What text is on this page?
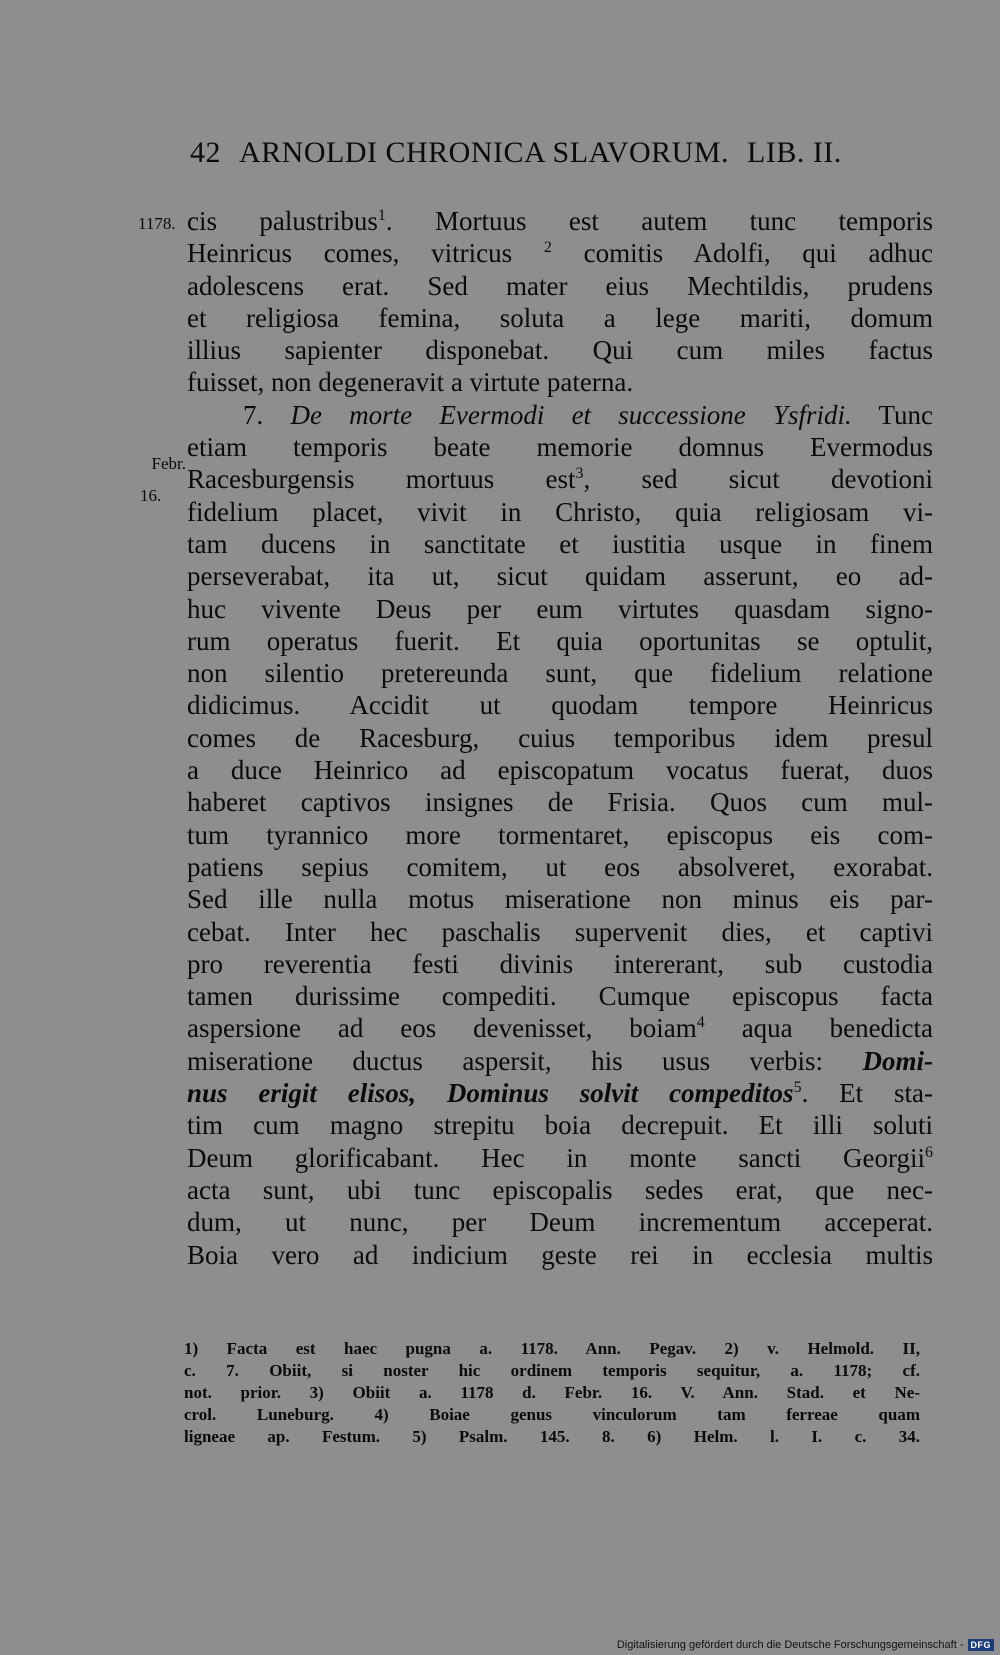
42 ARNOLDI CHRONICA SLAVORUM. LIB. II.
1178.
Febr.
16.
cis palustribus$^1$. Mortuus est autem tunc temporis
Heinricus comes, vitricus $^2$ comitis Adolfi, qui adhuc
adolescens erat. Sed mater eius Mechtildis, prudens
et religiosa femina, soluta a lege mariti, domum
illius sapienter disponebat. Qui cum miles factus
fuisset, non degeneravit a virtute paterna.
7. De morte Evermodi et successione Ysfridi. Tunc
etiam temporis beate memorie domnus Evermodus
Racesburgensis mortuus est$^3$, sed sicut devotioni
fidelium placet, vivit in Christo, quia religiosam vi-
tam ducens in sanctitate et iustitia usque in finem
perseverabat, ita ut, sicut quidam asserunt, eo ad-
huc vivente Deus per eum virtutes quasdam signo-
rum operatus fuerit. Et quia oportunitas se optulit,
non silentio pretereunda sunt, que fidelium relatione
didicimus. Accidit ut quodam tempore Heinricus
comes de Racesburg, cuius temporibus idem presul
a duce Heinrico ad episcopatum vocatus fuerat, duos
haberet captivos insignes de Frisia. Quos cum mul-
tum tyrannico more tormentaret, episcopus eis com-
patiens sepius comitem, ut eos absolveret, exorabat.
Sed ille nulla motus miseratione non minus eis par-
cebat. Inter hec paschalis supervenit dies, et captivi
pro reverentia festi divinis intererant, sub custodia
tamen durissime compediti. Cumque episcopus facta
aspersione ad eos devenisset, boiam$^4$ aqua benedicta
miseratione ductus aspersit, his usus verbis: Domi-
nus erigit elisos, Dominus solvit compeditos$^5$. Et sta-
tim cum magno strepitu boia decrepuit. Et illi soluti
Deum glorificabant. Hec in monte sancti Georgii$^6$
acta sunt, ubi tunc episcopalis sedes erat, que nec-
dum, ut nunc, per Deum incrementum acceperat.
Boia vero ad indicium geste rei in ecclesia multis
1) Facta est haec pugna a. 1178. Ann. Pegav. 2) v. Helmold. II,
c. 7. Obiit, si noster hic ordinem temporis sequitur, a. 1178; cf.
not. prior. 3) Obiit a. 1178 d. Febr. 16. V. Ann. Stad. et Ne-
crol. Luneburg. 4) Boiae genus vinculorum tam ferreae quam
ligneae ap. Festum. 5) Psalm. 145. 8. 6) Helm. l. I. c. 34.
Digitalisierung gefördert durch die Deutsche Forschungsgemeinschaft - DFG
